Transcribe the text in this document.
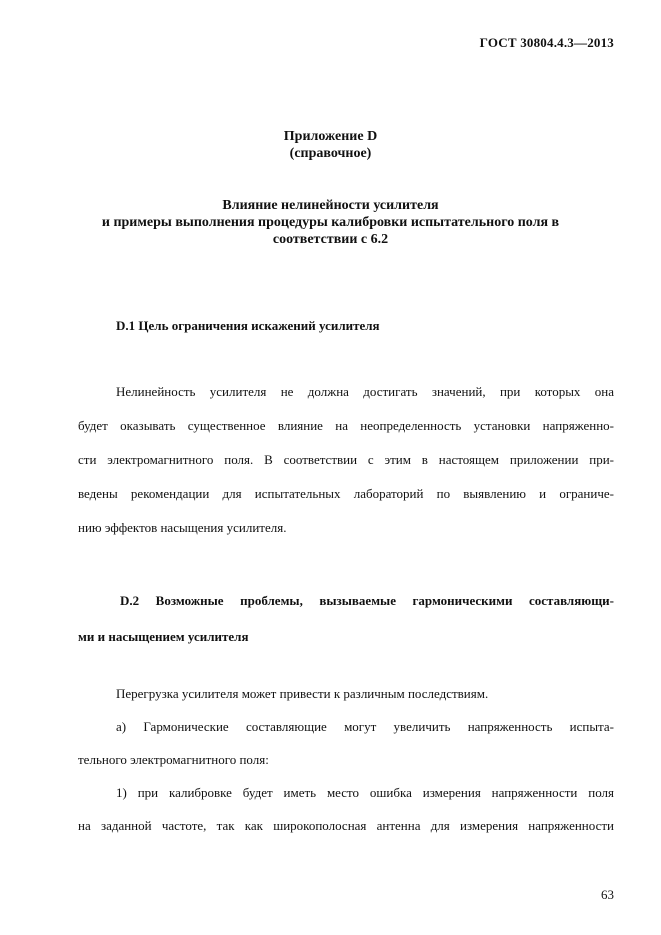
ГОСТ 30804.4.3—2013
Приложение D
(справочное)
Влияние нелинейности усилителя
и примеры выполнения процедуры калибровки испытательного поля в
соответствии с 6.2
D.1 Цель ограничения искажений усилителя
Нелинейность усилителя не должна достигать значений, при которых она
будет оказывать существенное влияние на неопределенность установки напряженно-
сти электромагнитного поля. В соответствии с этим в настоящем приложении при-
ведены рекомендации для испытательных лабораторий по выявлению и ограниче-
нию эффектов насыщения усилителя.
D.2 Возможные проблемы, вызываемые гармоническими составляющи-
ми и насыщением усилителя
Перегрузка усилителя может привести к различным последствиям.
а) Гармонические составляющие могут увеличить напряженность испыта-
тельного электромагнитного поля:
1) при калибровке будет иметь место ошибка измерения напряженности поля
на заданной частоте, так как широкополосная антенна для измерения напряженности
63
